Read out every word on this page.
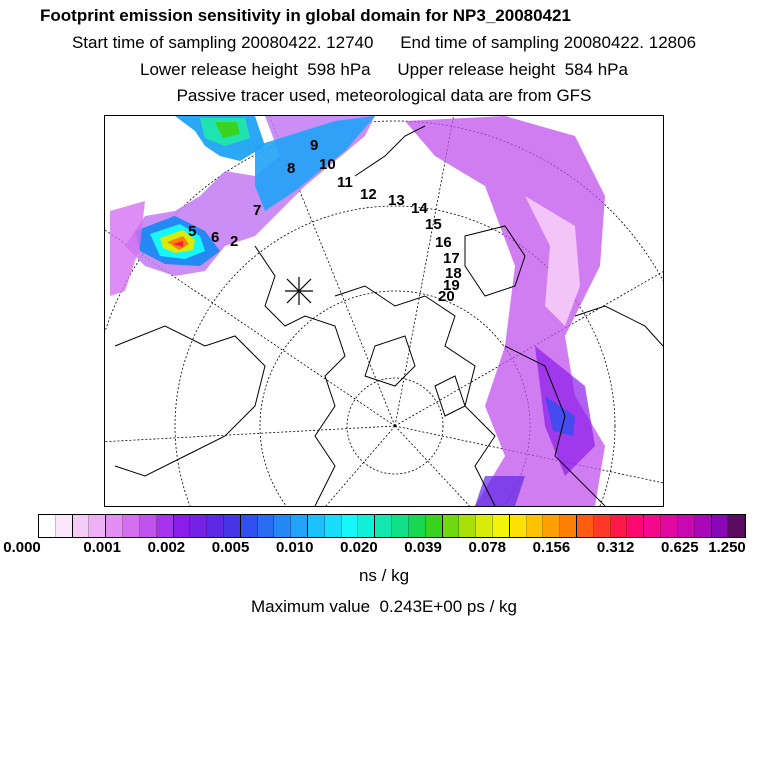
Footprint emission sensitivity in global domain for NP3_20080421
Start time of sampling 20080422. 12740 End time of sampling 20080422. 12806
Lower release height 598 hPa Upper release height 584 hPa
Passive tracer used, meteorological data are from GFS
2
5 6
7
8
9
10
11
12 13 14
15
16
17
18
19
20
0.000	0.001 0.002 0.005 0.010 0.020 0.039 0.078 0.156 0.312 0.625 1.250
ns / kg
Maximum value 0.243E+00 ps / kg
